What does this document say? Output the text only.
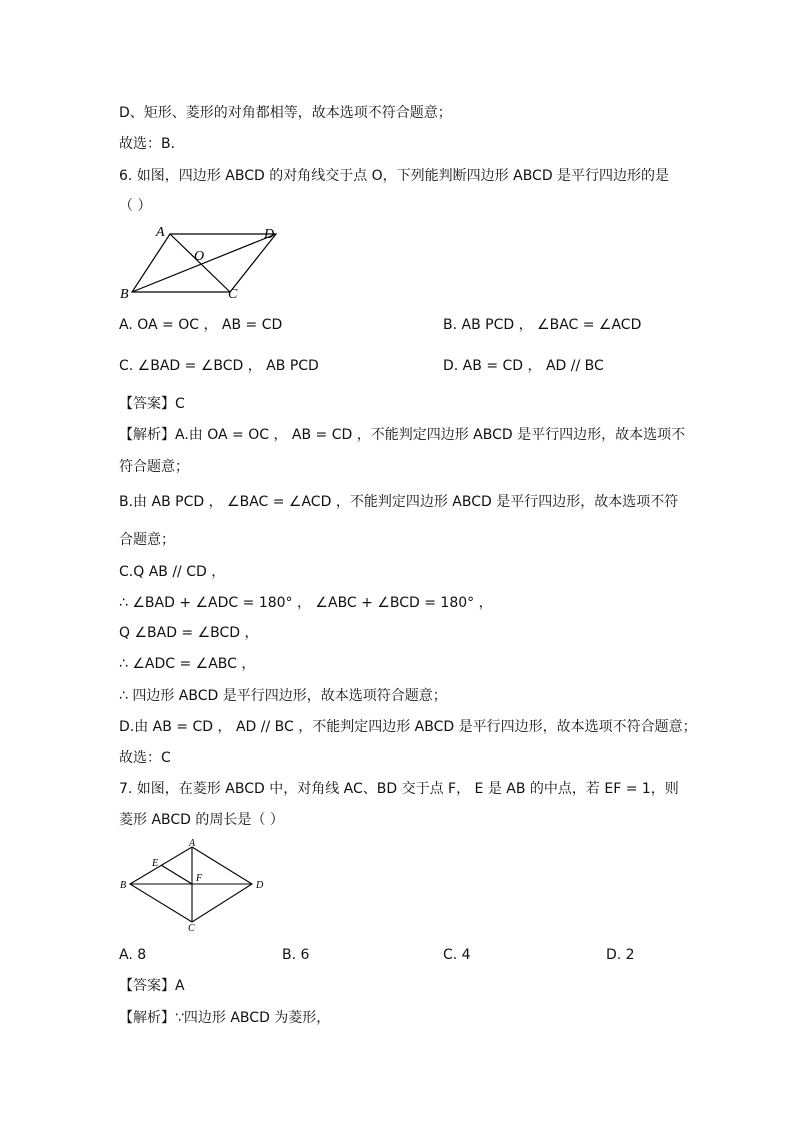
D、矩形、菱形的对角都相等，故本选项不符合题意；
故选：B．
6. 如图，四边形 ABCD 的对角线交于点 O，下列能判断四边形 ABCD 是平行四边形的是
（ ）
A	D
O
B	C
A. OA = OC ， AB = CD	B. AB PCD ， ∠BAC = ∠ACD
C. ∠BAD = ∠BCD ， AB PCD	D. AB = CD ， AD // BC
【答案】C
【解析】A.由 OA = OC ， AB = CD ，不能判定四边形 ABCD 是平行四边形，故本选项不
符合题意；
B.由 AB PCD ， ∠BAC = ∠ACD ，不能判定四边形 ABCD 是平行四边形，故本选项不符
合题意；
C.Q AB // CD ，
∴ ∠BAD + ∠ADC = 180° ， ∠ABC + ∠BCD = 180° ，
Q ∠BAD = ∠BCD ，
∴ ∠ADC = ∠ABC ，
∴ 四边形 ABCD 是平行四边形，故本选项符合题意；
D.由 AB = CD ， AD // BC ，不能判定四边形 ABCD 是平行四边形，故本选项不符合题意；
故选：C
7. 如图，在菱形 ABCD 中，对角线 AC、BD 交于点 F， E 是 AB 的中点，若 EF = 1，则
菱形 ABCD 的周长是（ ）
A
E
B
F
D
C
A. 8	B. 6	C. 4	D. 2
【答案】A
【解析】∵四边形 ABCD 为菱形，
